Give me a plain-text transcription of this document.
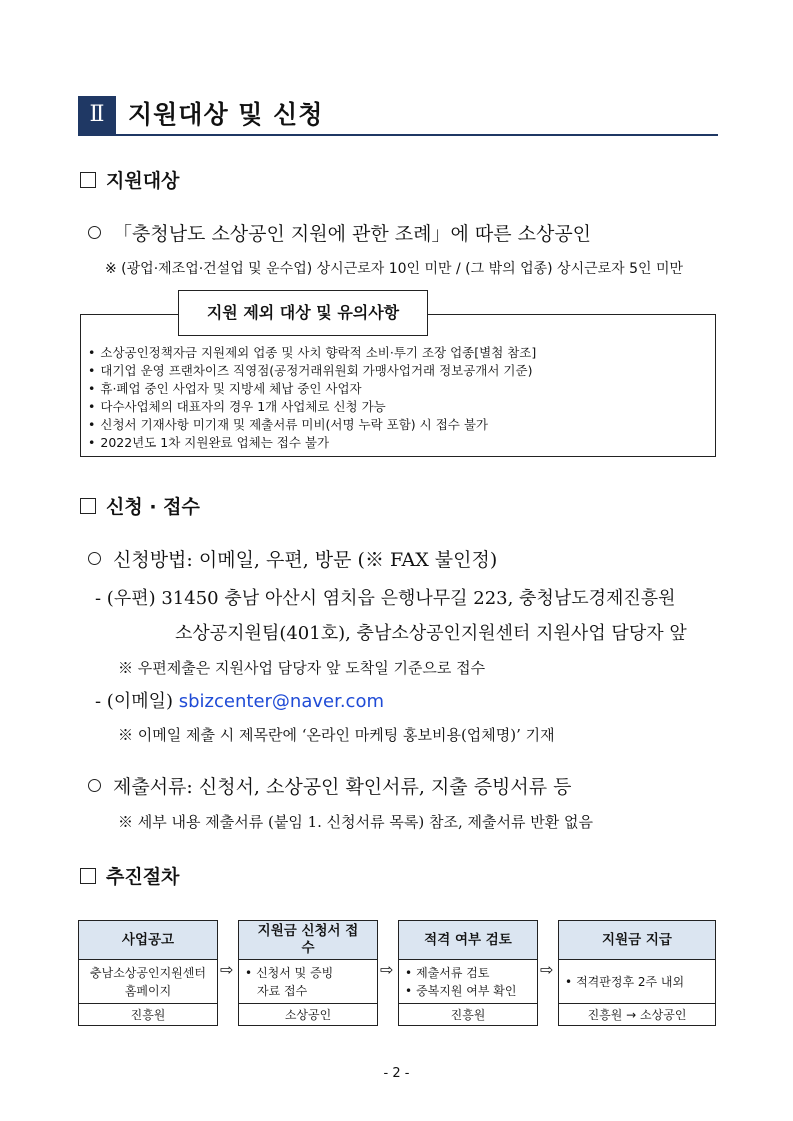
Ⅱ 지원대상 및 신청
지원대상
「충청남도 소상공인 지원에 관한 조례」에 따른 소상공인
※ (광업·제조업·건설업 및 운수업) 상시근로자 10인 미만 / (그 밖의 업종) 상시근로자 5인 미만
지원 제외 대상 및 유의사항
• 소상공인정책자금 지원제외 업종 및 사치 향락적 소비·투기 조장 업종[별첨 참조]
• 대기업 운영 프랜차이즈 직영점(공정거래위원회 가맹사업거래 정보공개서 기준)
• 휴·폐업 중인 사업자 및 지방세 체납 중인 사업자
• 다수사업체의 대표자의 경우 1개 사업체로 신청 가능
• 신청서 기재사항 미기재 및 제출서류 미비(서명 누락 포함) 시 접수 불가
• 2022년도 1차 지원완료 업체는 접수 불가
신청 · 접수
신청방법: 이메일, 우편, 방문 (※ FAX 불인정)
- (우편) 31450 충남 아산시 염치읍 은행나무길 223, 충청남도경제진흥원
소상공지원팀(401호), 충남소상공인지원센터 지원사업 담당자 앞
※ 우편제출은 지원사업 담당자 앞 도착일 기준으로 접수
- (이메일) sbizcenter@naver.com
※ 이메일 제출 시 제목란에 ‘온라인 마케팅 홍보비용(업체명)’ 기재
제출서류: 신청서, 소상공인 확인서류, 지출 증빙서류 등
※ 세부 내용 제출서류 (붙임 1. 신청서류 목록) 참조, 제출서류 반환 없음
추진절차
사업공고
충남소상공인지원센터
홈페이지
진흥원
⇨
지원금 신청서 접수
• 신청서 및 증빙
자료 접수
소상공인
⇨
적격 여부 검토
• 제출서류 검토
• 중복지원 여부 확인
진흥원
⇨
지원금 지급
• 적격판정후 2주 내외
진흥원 → 소상공인
- 2 -
